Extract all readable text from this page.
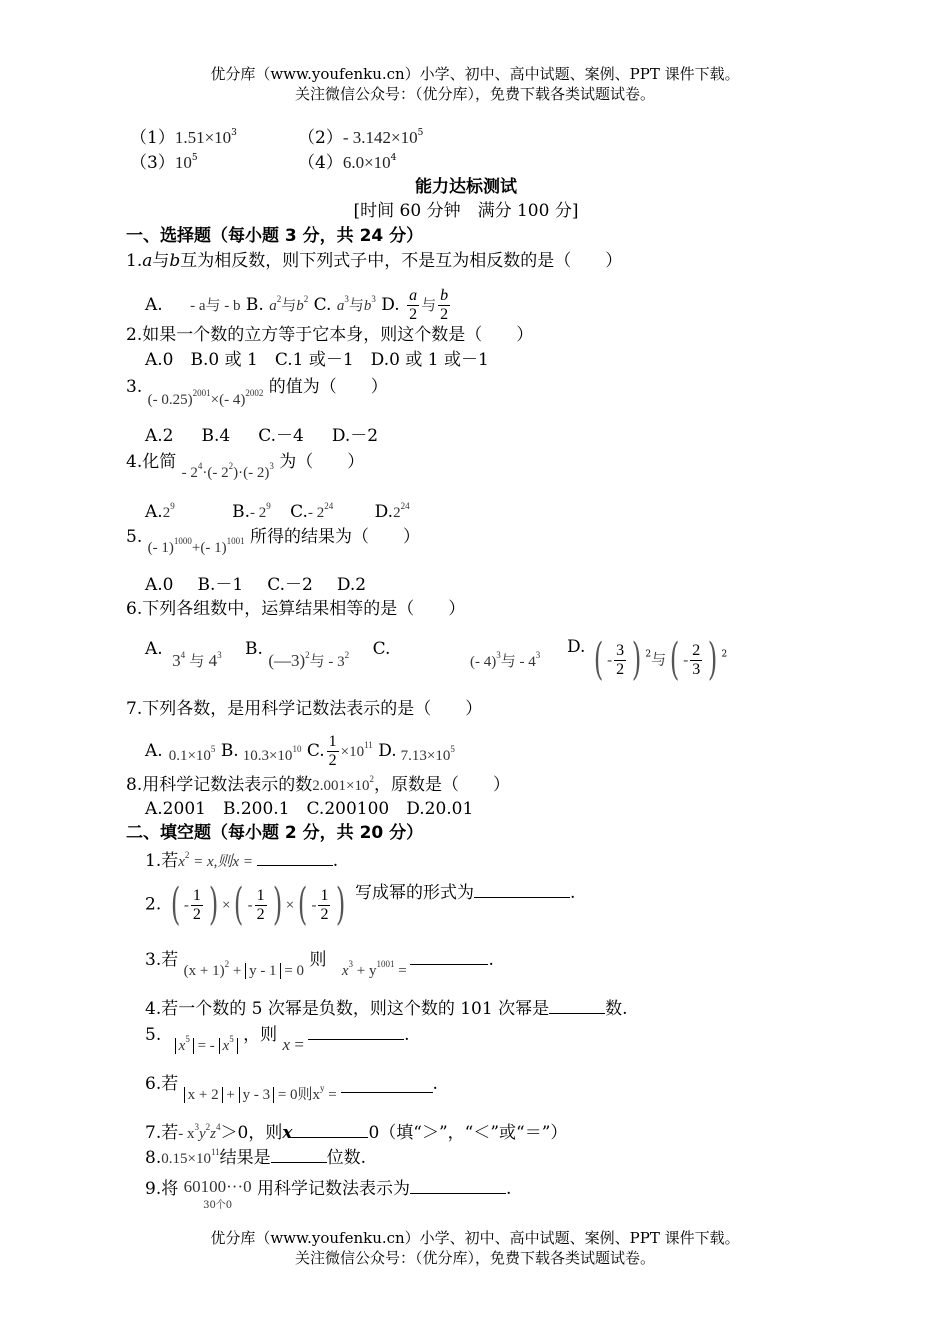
优分库（www.youfenku.cn）小学、初中、高中试题、案例、PPT 课件下载。
关注微信公众号：（优分库），免费下载各类试题试卷。
$(1)1.51\times 10^3$	（2）- $3.142\times 10^5$
$(3)10^5$	$(4)6.0\times 10^4$
能力达标测试
[时间 60 分钟　满分 100 分]
一、选择题（每小题 3 分，共 24 分）
1.a与b互为相反数，则下列式子中，不是互为相反数的是（　　）
A. - a与 - b B. $a^2$与$b^2$ C. $a^3$与$b^3$ D. $\frac{a}{2}$ 与 $\frac{b}{2}$
2.如果一个数的立方等于它本身，则这个数是（　　）
A.0　B.0 或 1　C.1 或－1　D.0 或 1 或－1
3. (- 0.25)$^{2001}$×(- 4)$^{2002}$ 的值为（　　）
A.2 B.4 C.－4 D.－2
4.化简 - $2^4\cdot(-$ $2^2)\cdot(-$ 2)$^3$ 为（　　）
$A.2^9$	B.- $2^9$ C.- $2^{24}$ $D.2^{24}$
5. (- 1)$^{1000}$+(- 1)$^{1001}$ 所得的结果为（　　）
A.0 B.－1 C.－2 D.2
6.下列各组数中，运算结果相等的是（　　）
A. $3^4$ 与 $4^3$ B. (—3)$^2$与 - $3^2$ C.
(- 4)$^3$与 - $4^3$ D. ( - $\frac{3}{2}$ ) $^2$与( - $\frac{2}{3}$ ) $^2$
7.下列各数，是用科学记数法表示的是（　　）
A. $0.1\times 10^5$ B. $10.3\times 10^{10}$ C. $\frac{1}{2} \times 10^{11}$ D. $7.13\times 10^5$
8.用科学记数法表示的数$2.001\times 10^2$，原数是（　　）
A.2001　B.200.1　C.200100　D.20.01
二、填空题（每小题 2 分，共 20 分）
1.若$x^2 = x$,则x =	.
2. ( - $\frac{1}{2}$ ) ×( - $\frac{1}{2}$ ) ×( - $\frac{1}{2}$ ) 写成幂的形式为	.
3.若 $(x + 1)^2 + y - 1 = 0$ 则 $x^3 + y^{1001}$ = .
4.若一个数的 5 次幂是负数，则这个数的 101 次幂是	数.
5. $x^5$ = - $x^5$ ，则 x =	.
6.若 x + 2 + y - 3 = 0则$x^y$ = .
7.若- $x^3y^2z^4>0$，则x	0（填“＞”，“＜”或“＝”）
$8.0.15\times 10^{11}$结果是	位数.
9.将 60100···0
30个0
用科学记数法表示为	.
优分库（www.youfenku.cn）小学、初中、高中试题、案例、PPT 课件下载。
关注微信公众号：（优分库），免费下载各类试题试卷。
